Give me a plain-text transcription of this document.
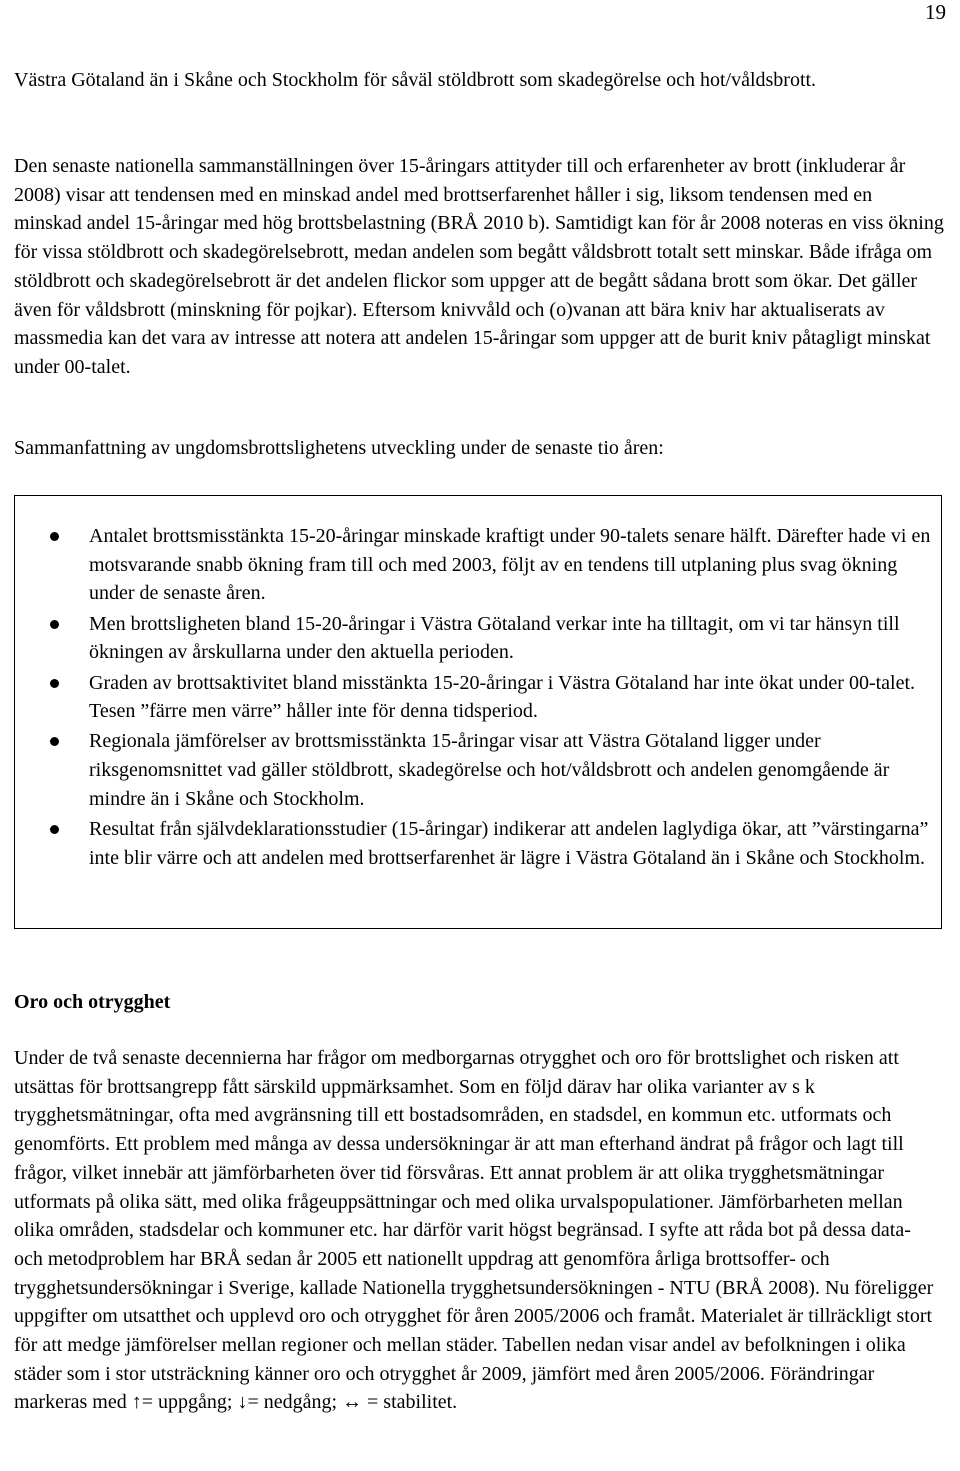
19

Västra Götaland än i Skåne och Stockholm för såväl stöldbrott som skadegörelse och hot/våldsbrott.

Den senaste nationella sammanställningen över 15-åringars attityder till och erfarenheter av brott (inkluderar år 2008) visar att tendensen med en minskad andel med brottserfarenhet håller i sig, liksom tendensen med en minskad andel 15-åringar med hög brottsbelastning (BRÅ 2010 b). Samtidigt kan för år 2008 noteras en viss ökning för vissa stöldbrott och skadegörelsebrott, medan andelen som begått våldsbrott totalt sett minskar. Både ifråga om stöldbrott och skadegörelsebrott är det andelen flickor som uppger att de begått sådana brott som ökar. Det gäller även för våldsbrott (minskning för pojkar). Eftersom knivvåld och (o)vanan att bära kniv har aktualiserats av massmedia kan det vara av intresse att notera att andelen 15-åringar som uppger att de burit kniv påtagligt minskat under 00-talet.

Sammanfattning av ungdomsbrottslighetens utveckling under de senaste tio åren:

Antalet brottsmisstänkta 15-20-åringar minskade kraftigt under 90-talets senare hälft. Därefter hade vi en motsvarande snabb ökning fram till och med 2003, följt av en tendens till utplaning plus svag ökning under de senaste åren.
Men brottsligheten bland 15-20-åringar i Västra Götaland verkar inte ha tilltagit, om vi tar hänsyn till ökningen av årskullarna under den aktuella perioden.
Graden av brottsaktivitet bland misstänkta 15-20-åringar i Västra Götaland har inte ökat under 00-talet. Tesen ”färre men värre” håller inte för denna tidsperiod.
Regionala jämförelser av brottsmisstänkta 15-åringar visar att Västra Götaland ligger under riksgenomsnittet vad gäller stöldbrott, skadegörelse och hot/våldsbrott och andelen genomgående är mindre än i Skåne och Stockholm.
Resultat från självdeklarationsstudier (15-åringar) indikerar att andelen laglydiga ökar, att ”värstingarna” inte blir värre och att andelen med brottserfarenhet är lägre i Västra Götaland än i Skåne och Stockholm.
Oro och otrygghet

Under de två senaste decennierna har frågor om medborgarnas otrygghet och oro för brottslighet och risken att utsättas för brottsangrepp fått särskild uppmärksamhet. Som en följd därav har olika varianter av s k trygghetsmätningar, ofta med avgränsning till ett bostadsområden, en stadsdel, en kommun etc. utformats och genomförts. Ett problem med många av dessa undersökningar är att man efterhand ändrat på frågor och lagt till frågor, vilket innebär att jämförbarheten över tid försvåras. Ett annat problem är att olika trygghetsmätningar utformats på olika sätt, med olika frågeuppsättningar och med olika urvalspopulationer. Jämförbarheten mellan olika områden, stadsdelar och kommuner etc. har därför varit högst begränsad. I syfte att råda bot på dessa data- och metodproblem har BRÅ sedan år 2005 ett nationellt uppdrag att genomföra årliga brottsoffer- och trygghetsundersökningar i Sverige, kallade Nationella trygghetsundersökningen - NTU (BRÅ 2008). Nu föreligger uppgifter om utsatthet och upplevd oro och otrygghet för åren 2005/2006 och framåt. Materialet är tillräckligt stort för att medge jämförelser mellan regioner och mellan städer. Tabellen nedan visar andel av befolkningen i olika städer som i stor utsträckning känner oro och otrygghet år 2009, jämfört med åren 2005/2006. Förändringar markeras med ↑= uppgång; ↓= nedgång; ↔ = stabilitet.
